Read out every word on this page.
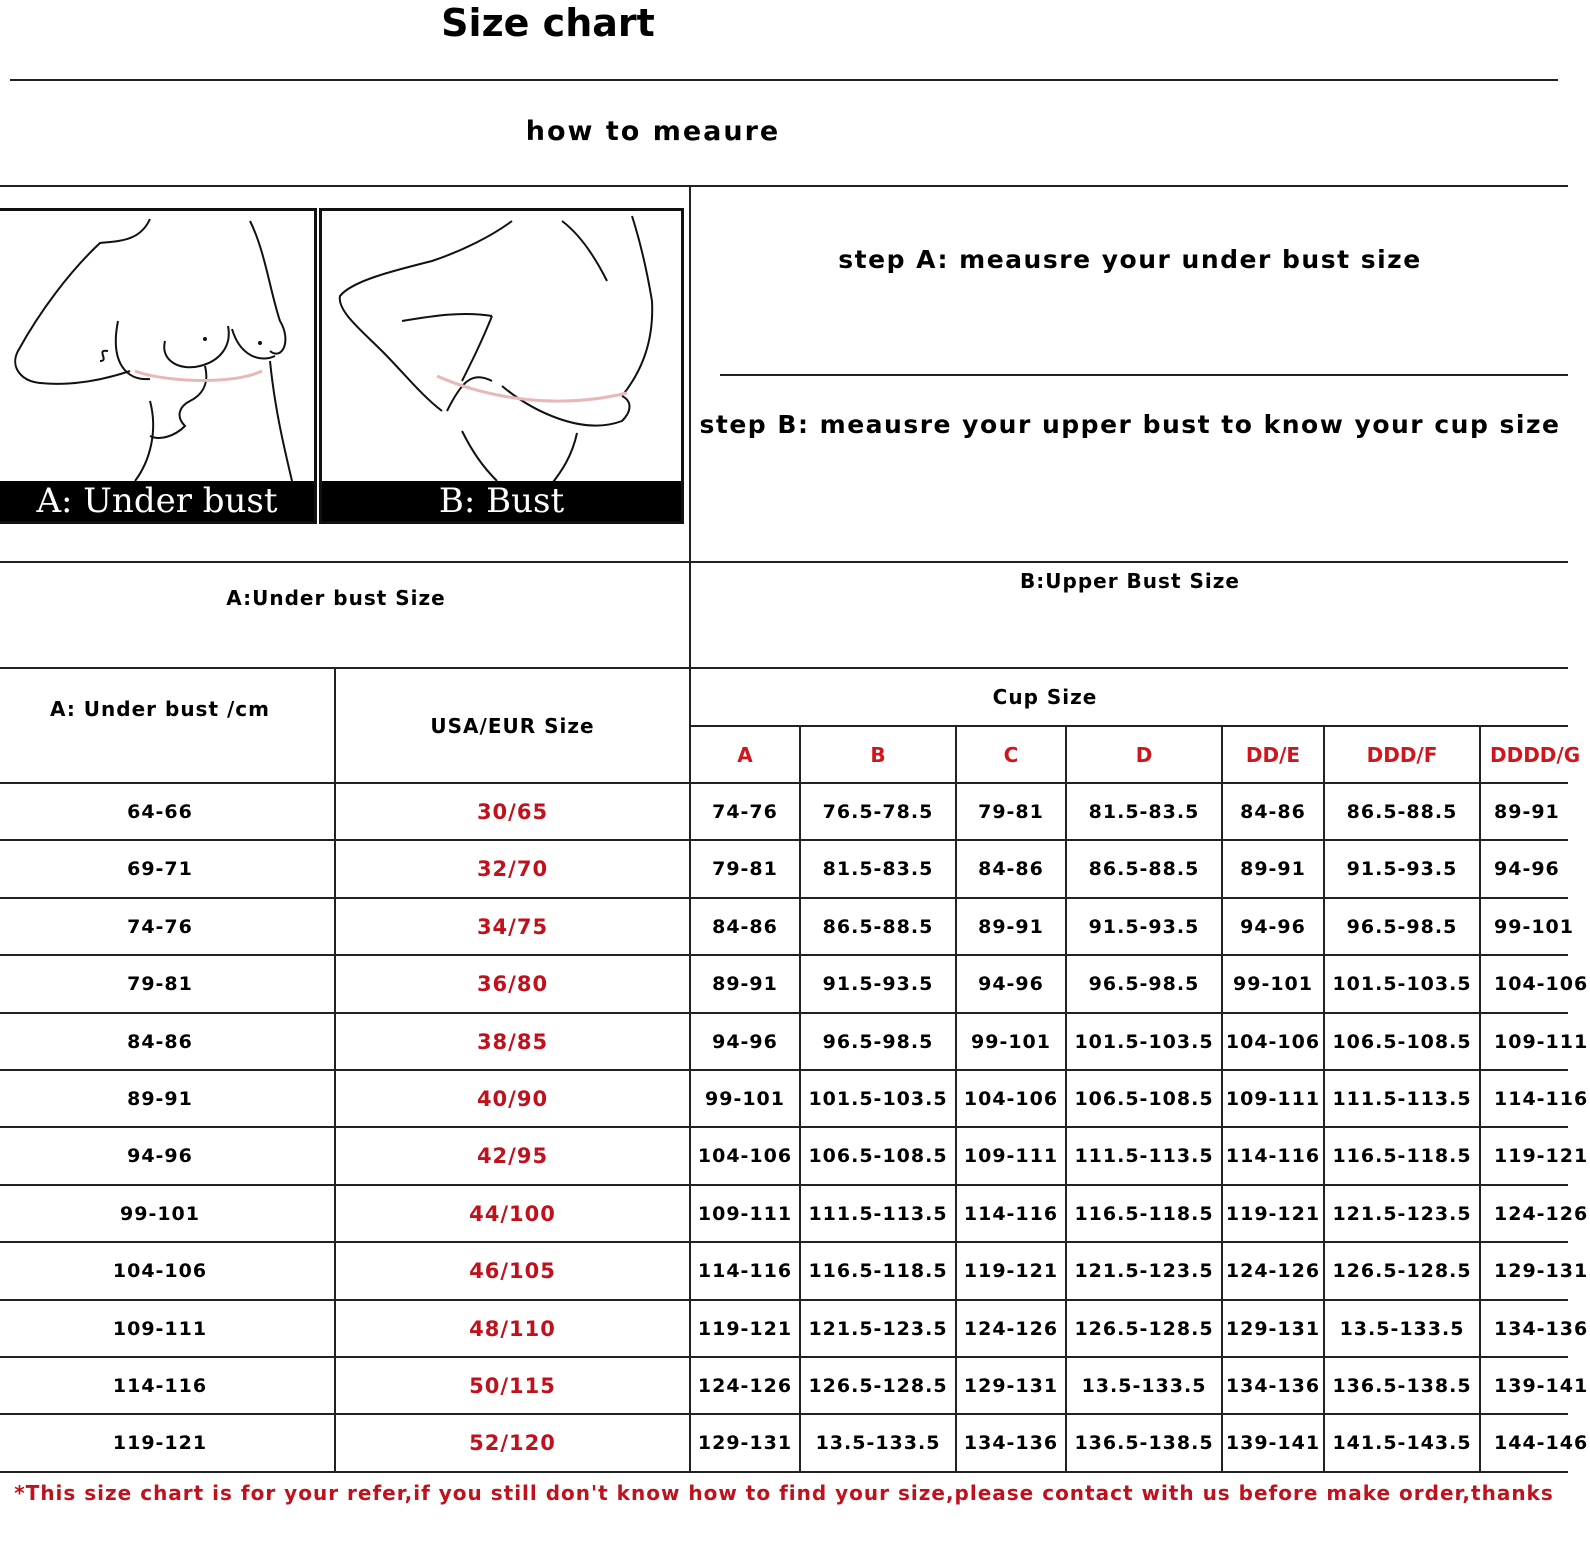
Size chart
how to meaure
A: Under bust	B: Bust
step A: meausre your under bust size
step B: meausre your upper bust to know your cup size
A:Under bust Size
B:Upper Bust Size
A: Under bust /cm
USA/EUR Size
Cup Size
A	B	C	D	DD/E	DDD/F	DDDD/G
64-66	30/65	74-76	76.5-78.5	79-81	81.5-83.5	84-86	86.5-88.5	89-91
69-71	32/70	79-81	81.5-83.5	84-86	86.5-88.5	89-91	91.5-93.5	94-96
74-76	34/75	84-86	86.5-88.5	89-91	91.5-93.5	94-96	96.5-98.5	99-101
79-81	36/80	89-91	91.5-93.5	94-96	96.5-98.5	99-101	101.5-103.5	104-106
84-86	38/85	94-96	96.5-98.5	99-101	101.5-103.5 104-106 106.5-108.5	109-111
89-91	40/90	99-101	101.5-103.5 104-106 106.5-108.5 109-111 111.5-113.5	114-116
94-96	42/95	104-106 106.5-108.5 109-111 111.5-113.5 114-116 116.5-118.5	119-121
99-101	44/100	109-111 111.5-113.5 114-116 116.5-118.5 119-121 121.5-123.5	124-126
104-106	46/105	114-116 116.5-118.5 119-121 121.5-123.5 124-126 126.5-128.5	129-131
109-111	48/110	119-121 121.5-123.5 124-126 126.5-128.5 129-131	13.5-133.5	134-136
114-116	50/115	124-126 126.5-128.5 129-131	13.5-133.5	134-136 136.5-138.5	139-141
119-121	52/120	129-131	13.5-133.5	134-136 136.5-138.5 139-141 141.5-143.5	144-146
*This size chart is for your refer,if you still don't know how to find your size,please contact with us before make order,thanks
